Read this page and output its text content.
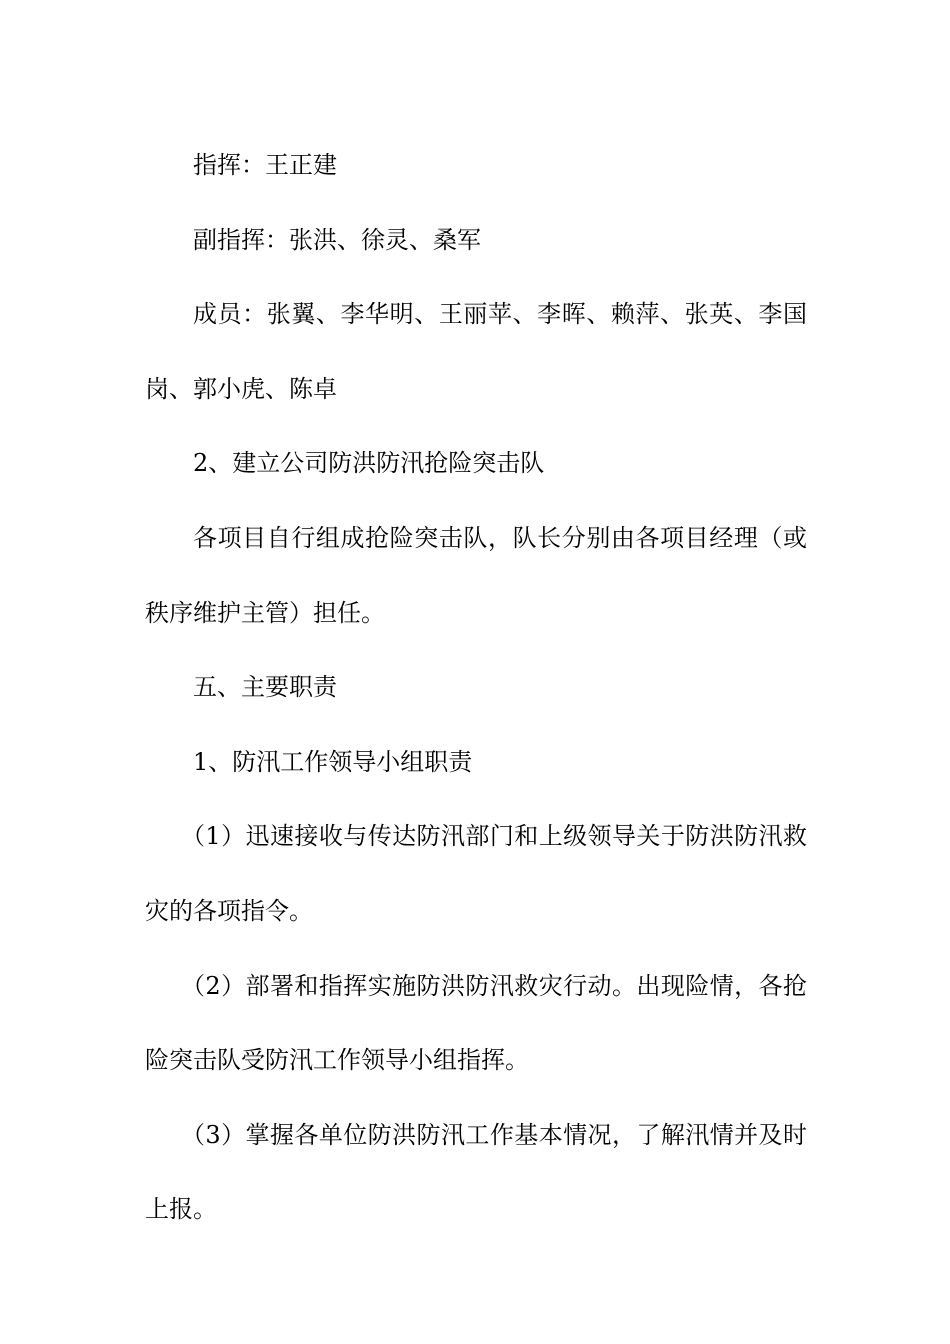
指挥：王正建

副指挥：张洪、徐灵、桑军

成员：张翼、李华明、王丽苹、李晖、赖萍、张英、李国岗、郭小虎、陈卓

2、建立公司防洪防汛抢险突击队

各项目自行组成抢险突击队，队长分别由各项目经理（或秩序维护主管）担任。

五、主要职责

1、防汛工作领导小组职责

（1）迅速接收与传达防汛部门和上级领导关于防洪防汛救灾的各项指令。

（2）部署和指挥实施防洪防汛救灾行动。出现险情，各抢险突击队受防汛工作领导小组指挥。

（3）掌握各单位防洪防汛工作基本情况，了解汛情并及时上报。
